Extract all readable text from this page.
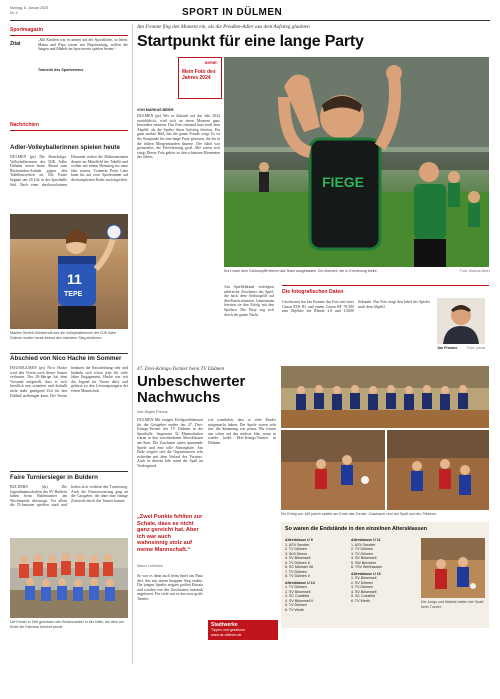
Montag, 6. Januar 2025
Nr. 4	SPORT IN DÜLMEN
Sportmagazin
Zitat
„Mit Kindern war es immer auf der Sportfläche, so leben. Mama und Papa waren mit Begeisterung, wollen die Jungen und Mädels im Sportverein spielen lernen.“
Trainerin des Sportvereins
Nachrichten
Adler-Volleyballerinnen spielen heute
DÜLMEN (ps) Die Bezirksliga-Volleyballerinnen des DJK Adler Dülmen treten heute Abend zum Rückrunden-Auftakt gegen den Tabellenzweiten an. Die Partie beginnt um 20 Uhr in der Sporthalle Süd. Nach einer durchwachsenen Hinrunde stehen die Dülmenerinnen derzeit im Mittelfeld der Tabelle und wollen mit einem Heimsieg ins neue Jahr starten. Trainerin Petra Lenz kann bis auf zwei Spielerinnen auf den kompletten Kader zurückgreifen.
11
TEPE
Marlies Gerlich-Westerholt und die Volleyballerinnen der DJK Adler Dülmen wollen heute Abend den nächsten Sieg einfahren.
Abschied von Nico Hache im Sommer
HAUSDÜLMEN (ps) Nico Hache wird den Verein nach dieser Saison verlassen. Der 28-Jährige hat dem Vorstand mitgeteilt, dass er sich beruflich neu orientiert und deshalb nicht mehr genügend Zeit für den Fußball aufbringen kann. Der Verein bedauert die Entscheidung sehr und bedankt sich schon jetzt für viele Jahre Engagement. Hache war seit der Jugend im Verein aktiv und gehörte zu den Leistungsträgern der ersten Mannschaft.
Faire Turniersieger in Buldern
BULDERN (ds) Die Jugendmannschaften des SV Buldern haben beim Hallenturnier am Wochenende überzeugt. Vor allem die D-Junioren spielten stark und holten sich verdient den Turniersieg. Auch die Fairnesswertung ging an die Gastgeber, die ohne eine einzige Zeitstrafe durch das Turnier kamen.
Die Kinder in Zivil genossen den Budenzauber in der Halle, bei dem am Ende die Fairness belohnt wurde.
Am Fronme fing den Moment ein, als die Preußen-Adler aus dem Aufstieg glaubten
Startpunkt für eine lange Party
SERIE:
Mein Foto des Jahres 2024
VON MARKUS BEIER
DÜLMEN (ps) Wer in Zukunft auf das Jahr 2024 zurückblickt, wird sich an einen Moment ganz besonders erinnern. Das Foto entstand kurz nach dem Abpfiff, als die Spieler ihren Aufstieg feierten. Ein ganz starkes Bild, das die ganze Freude zeigt. Es ist der Startpunkt für eine lange Party gewesen, die bis in die frühen Morgenstunden dauerte. Der Jubel war grenzenlos, die Erleichterung groß. Alle waren sich einig: Dieses Foto gehört zu den schönsten Momenten des Jahres.
FIEGE
Kurz nach dem Schlusspfiff feierte das Team ausgelassen. Ein Moment, der in Erinnerung bleibt.	Foto: Markus Beier
Am Spielfeldrand verfolgten zahlreiche Zuschauer das Spiel, die nach dem Schlusspfiff auf den Rasen stürmten. Gemeinsam feierten sie den Erfolg mit den Spielern. Die Party zog sich durch die ganze Nacht.
Die fotografischen Daten
Geschossen hat Jan Fronme das Foto mit einer Canon EOS R3 und einem Canon RF 70-200 mm Objektiv bei Blende 2.8 und 1/2000 Sekunde. Das Foto zeigt den Jubel der Spieler nach dem Abpfiff.
Jan Fronme	Foto: privat
47. Drei-Königs-Turnier beim TV Dülmen
Unbeschwerter Nachwuchs
Von Jürgen Primus
DÜLMEN Mit einigen Erfolgserlebnissen für die Gastgeber endete das 47. Drei-Königs-Turnier des TV Dülmen in der Sporthalle. Insgesamt 32 Mannschaften waren in den verschiedenen Altersklassen am Start. Die Zuschauer sahen spannende Spiele und eine tolle Atmosphäre. Am Ende zeigten sich die Organisatoren sehr zufrieden mit dem Verlauf des Turniers. Auch in diesem Jahr stand der Spaß im Vordergrund.
„Zwei Punkte fehlten zur Schale, dass es nicht ganz gereicht hat. Aber ich war auch wahnsinnig stolz auf meine Mannschaft.“
Marco Lehmann
So war es dann auch beim Spiel um Platz drei, das mit einem knappen Sieg endete. Die jungen Spieler zeigten großen Einsatz und wurden von den Zuschauern lautstark angefeuert. Für viele war es das erste große Turnier.
wie wunderbar, dass so viele Kinder mitgemacht haben. Die Spiele waren sehr fair, die Stimmung war prima. Wir freuen uns schon auf das nächste Jahr, wenn es wieder heißt: Drei-Königs-Turnier in Dülmen.
Ein Erfolg von 180 jubeln spielte am Ende das Turnier. Zuschauer und viel Spaß auf den Tribünen.
So waren die Endstände in den einzelnen Altersklassen
Altersklasse U 9
1. ASV Senden
2. TV Dülmen
3. SuS Senne
4. SV Bösensell
5. TV Dülmen II
6. SC Münster 08
7. TV Dülmen
8. TV Dülmen II
Altersklasse U 14
1. TV Dülmen
2. SV Bösensell
3. SC Coesfeld
4. SV Bösensell II
5. TV Dülmen
6. TV Werth
Altersklasse U 11
1. ASV Senden
2. TV Dülmen
3. TV Dülmen
4. SV Bösensell
5. SW Berchem
6. TSV Werthausen
Altersklasse U 16
1. SV Bösensell
2. SV Dülmen
3. TV Dülmen
4. SV Bösensell
5. SC Coesfeld
6. TV Werth	Die Jungs und Mädels hatten viel Spaß beim Turnier.
Stadtwerke
Tippen und gewinnen
www.dz-dülmen.de
